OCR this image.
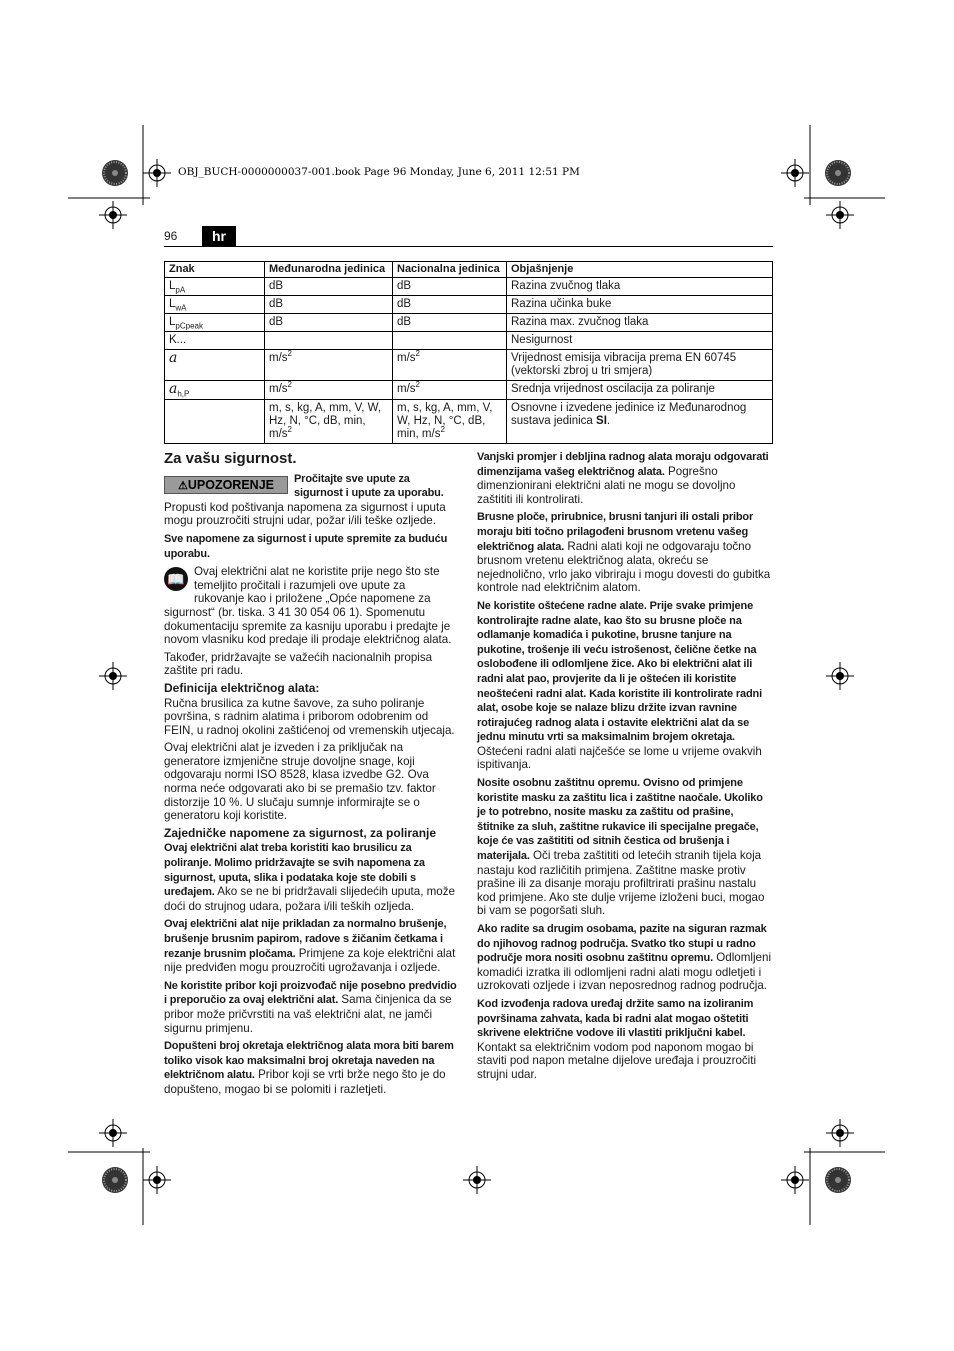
OBJ_BUCH-0000000037-001.book Page 96 Monday, June 6, 2011 12:51 PM
96	hr
Znak	Međunarodna jedinica	Nacionalna jedinica	Objašnjenje
$L_{pA}$	dB	dB	Razina zvučnog tlaka
$L_{wA}$	dB	dB	Razina učinka buke
$L_{pCpeak}$	dB	dB	Razina max. zvučnog tlaka
K...			Nesigurnost
a	$m/s^2$	$m/s^2$	Vrijednost emisija vibracija prema EN 60745 (vektorski zbroj u tri smjera)
$a_{h,P}$	$m/s^2$	$m/s^2$	Srednja vrijednost oscilacija za poliranje
	m, s, kg, A, mm, V, W, Hz, N, °C, dB, min, $m/s^2$	m, s, kg, A, mm, V, W, Hz, N, °C, dB, min, $m/s^2$	Osnovne i izvedene jedinice iz Međunarodnog sustava jedinica SI.
Za vašu sigurnost.

⚠UPOZORENJE	Pročitajte sve upute za sigurnost i upute za uporabu. Propusti kod poštivanja napomena za sigurnost i uputa mogu prouzročiti strujni udar, požar i/ili teške ozljede.

Sve napomene za sigurnost i upute spremite za buduću uporabu.

📖 Ovaj električni alat ne koristite prije nego što ste temeljito pročitali i razumjeli ove upute za rukovanje kao i priložene „Opće napomene za sigurnost“ (br. tiska. 3 41 30 054 06 1). Spomenutu dokumentaciju spremite za kasniju uporabu i predajte je novom vlasniku kod predaje ili prodaje električnog alata.

Također, pridržavajte se važećih nacionalnih propisa zaštite pri radu.

Definicija električnog alata:

Ručna brusilica za kutne šavove, za suho poliranje površina, s radnim alatima i priborom odobrenim od FEIN, u radnoj okolini zaštićenoj od vremenskih utjecaja.

Ovaj električni alat je izveden i za priključak na generatore izmjenične struje dovoljne snage, koji odgovaraju normi ISO 8528, klasa izvedbe G2. Ova norma neće odgovarati ako bi se premašio tzv. faktor distorzije 10 %. U slučaju sumnje informirajte se o generatoru koji koristite.

Zajedničke napomene za sigurnost, za poliranje

Ovaj električni alat treba koristiti kao brusilicu za poliranje. Molimo pridržavajte se svih napomena za sigurnost, uputa, slika i podataka koje ste dobili s uređajem. Ako se ne bi pridržavali slijedećih uputa, može doći do strujnog udara, požara i/ili teških ozljeda.

Ovaj električni alat nije prikladan za normalno brušenje, brušenje brusnim papirom, radove s žičanim četkama i rezanje brusnim pločama. Primjene za koje električni alat nije predviđen mogu prouzročiti ugrožavanja i ozljede.

Ne koristite pribor koji proizvođač nije posebno predvidio i preporučio za ovaj električni alat. Sama činjenica da se pribor može pričvrstiti na vaš električni alat, ne jamči sigurnu primjenu.

Dopušteni broj okretaja električnog alata mora biti barem toliko visok kao maksimalni broj okretaja naveden na električnom alatu. Pribor koji se vrti brže nego što je do dopušteno, mogao bi se polomiti i razletjeti.

Vanjski promjer i debljina radnog alata moraju odgovarati dimenzijama vašeg električnog alata. Pogrešno dimenzionirani električni alati ne mogu se dovoljno zaštititi ili kontrolirati.

Brusne ploče, prirubnice, brusni tanjuri ili ostali pribor moraju biti točno prilagođeni brusnom vretenu vašeg električnog alata. Radni alati koji ne odgovaraju točno brusnom vretenu električnog alata, okreću se nejednolično, vrlo jako vibriraju i mogu dovesti do gubitka kontrole nad električnim alatom.

Ne koristite oštećene radne alate. Prije svake primjene kontrolirajte radne alate, kao što su brusne ploče na odlamanje komadića i pukotine, brusne tanjure na pukotine, trošenje ili veću istrošenost, čelične četke na oslobođene ili odlomljene žice. Ako bi električni alat ili radni alat pao, provjerite da li je oštećen ili koristite neoštećeni radni alat. Kada koristite ili kontrolirate radni alat, osobe koje se nalaze blizu držite izvan ravnine rotirajućeg radnog alata i ostavite električni alat da se jednu minutu vrti sa maksimalnim brojem okretaja. Oštećeni radni alati najčešće se lome u vrijeme ovakvih ispitivanja.

Nosite osobnu zaštitnu opremu. Ovisno od primjene koristite masku za zaštitu lica i zaštitne naočale. Ukoliko je to potrebno, nosite masku za zaštitu od prašine, štitnike za sluh, zaštitne rukavice ili specijalne pregače, koje će vas zaštititi od sitnih čestica od brušenja i materijala. Oči treba zaštititi od letećih stranih tijela koja nastaju kod različitih primjena. Zaštitne maske protiv prašine ili za disanje moraju profiltrirati prašinu nastalu kod primjene. Ako ste dulje vrijeme izloženi buci, mogao bi vam se pogoršati sluh.

Ako radite sa drugim osobama, pazite na siguran razmak do njihovog radnog područja. Svatko tko stupi u radno područje mora nositi osobnu zaštitnu opremu. Odlomljeni komadići izratka ili odlomljeni radni alati mogu odletjeti i uzrokovati ozljede i izvan neposrednog radnog područja.

Kod izvođenja radova uređaj držite samo na izoliranim površinama zahvata, kada bi radni alat mogao oštetiti skrivene električne vodove ili vlastiti priključni kabel. Kontakt sa električnim vodom pod naponom mogao bi staviti pod napon metalne dijelove uređaja i prouzročiti strujni udar.
